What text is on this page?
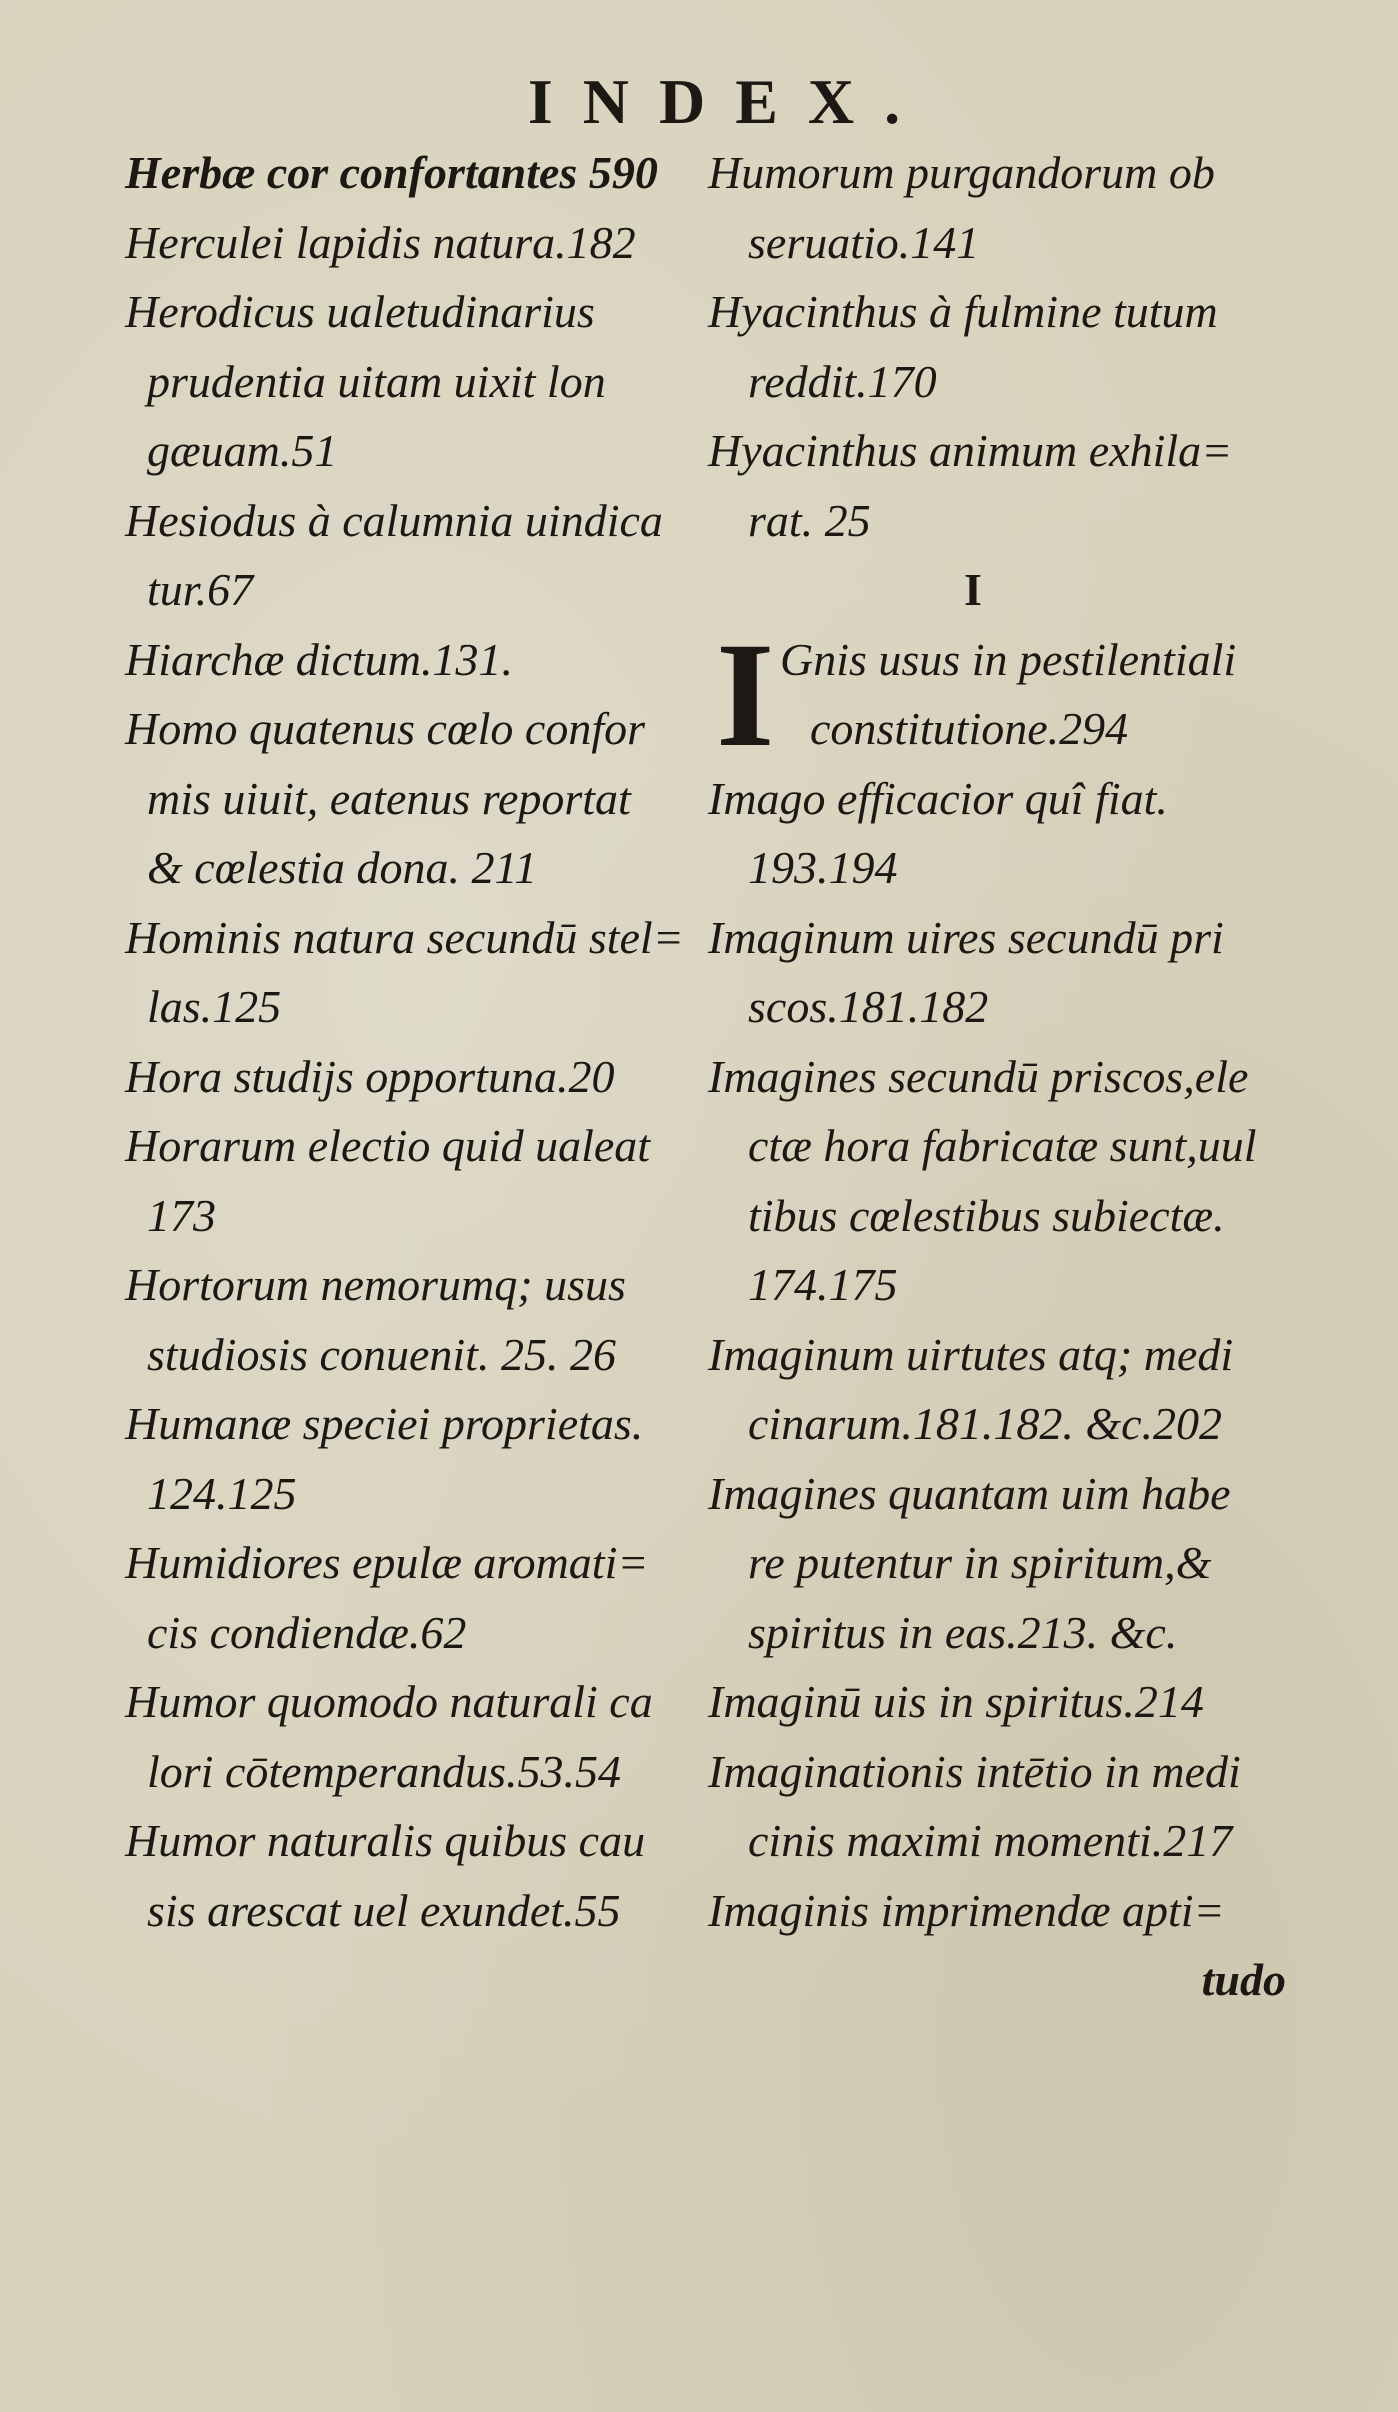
INDEX.
Herbæ cor confortantes 590
Herculei lapidis natura.182
Herodicus ualetudinarius
prudentia uitam uixit lon
gæuam.51
Hesiodus à calumnia uindica
tur.67
Hiarchæ dictum.131.
Homo quatenus cœlo confor
mis uiuit, eatenus reportat
& cœlestia dona. 211
Hominis natura secundū stel=
las.125
Hora studijs opportuna.20
Horarum electio quid ualeat
173
Hortorum nemorumq; usus
studiosis conuenit. 25. 26
Humanæ speciei proprietas.
124.125
Humidiores epulæ aromati=
cis condiendæ.62
Humor quomodo naturali ca
lori cōtemperandus.53.54
Humor naturalis quibus cau
sis arescat uel exundet.55
Humorum purgandorum ob
seruatio.141
Hyacinthus à fulmine tutum
reddit.170
Hyacinthus animum exhila=
rat. 25
I
I Gnis usus in pestilentiali
constitutione.294
Imago efficacior quî fiat.
193.194
Imaginum uires secundū pri
scos.181.182
Imagines secundū priscos,ele
ctæ hora fabricatæ sunt,uul
tibus cœlestibus subiectæ.
174.175
Imaginum uirtutes atq; medi
cinarum.181.182. &c.202
Imagines quantam uim habe
re putentur in spiritum,&
spiritus in eas.213. &c.
Imaginū uis in spiritus.214
Imaginationis intētio in medi
cinis maximi momenti.217
Imaginis imprimendæ apti=
tudo
